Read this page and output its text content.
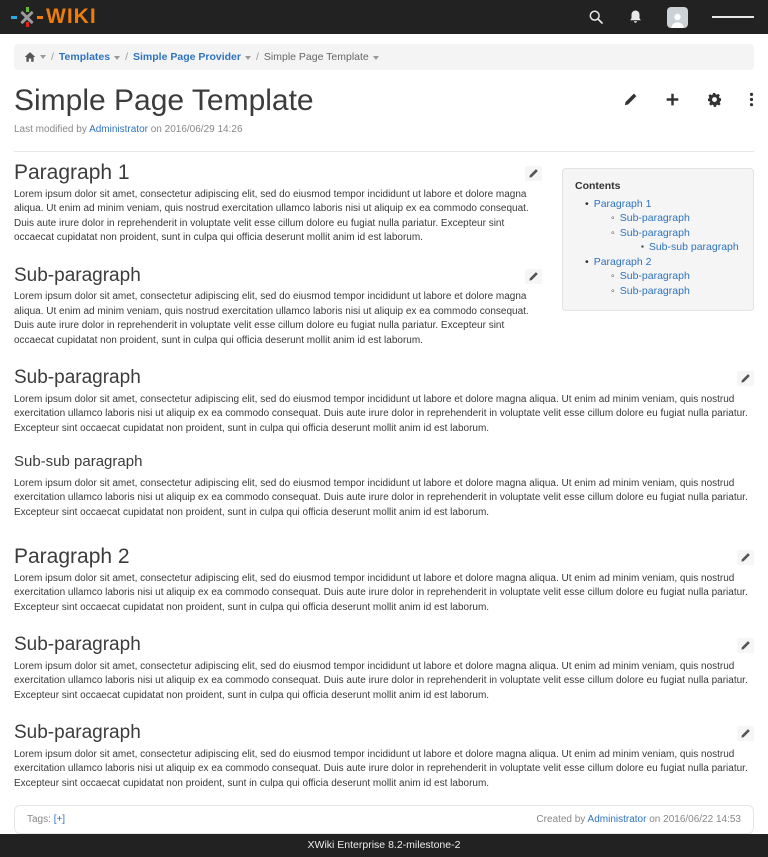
WIKI
/ Templates / Simple Page Provider / Simple Page Template
Simple Page Template
Last modified by Administrator on 2016/06/29 14:26
Contents
• Paragraph 1
◦ Sub-paragraph
◦ Sub-paragraph
▪ Sub-sub paragraph
• Paragraph 2
◦ Sub-paragraph
◦ Sub-paragraph
Paragraph 1

Lorem ipsum dolor sit amet, consectetur adipiscing elit, sed do eiusmod tempor incididunt ut labore et dolore magna aliqua. Ut enim ad minim veniam, quis nostrud exercitation ullamco laboris nisi ut aliquip ex ea commodo consequat. Duis aute irure dolor in reprehenderit in voluptate velit esse cillum dolore eu fugiat nulla pariatur. Excepteur sint occaecat cupidatat non proident, sunt in culpa qui officia deserunt mollit anim id est laborum.

Sub-paragraph

Lorem ipsum dolor sit amet, consectetur adipiscing elit, sed do eiusmod tempor incididunt ut labore et dolore magna aliqua. Ut enim ad minim veniam, quis nostrud exercitation ullamco laboris nisi ut aliquip ex ea commodo consequat. Duis aute irure dolor in reprehenderit in voluptate velit esse cillum dolore eu fugiat nulla pariatur. Excepteur sint occaecat cupidatat non proident, sunt in culpa qui officia deserunt mollit anim id est laborum.

Sub-paragraph

Lorem ipsum dolor sit amet, consectetur adipiscing elit, sed do eiusmod tempor incididunt ut labore et dolore magna aliqua. Ut enim ad minim veniam, quis nostrud exercitation ullamco laboris nisi ut aliquip ex ea commodo consequat. Duis aute irure dolor in reprehenderit in voluptate velit esse cillum dolore eu fugiat nulla pariatur. Excepteur sint occaecat cupidatat non proident, sunt in culpa qui officia deserunt mollit anim id est laborum.

Sub-sub paragraph

Lorem ipsum dolor sit amet, consectetur adipiscing elit, sed do eiusmod tempor incididunt ut labore et dolore magna aliqua. Ut enim ad minim veniam, quis nostrud exercitation ullamco laboris nisi ut aliquip ex ea commodo consequat. Duis aute irure dolor in reprehenderit in voluptate velit esse cillum dolore eu fugiat nulla pariatur. Excepteur sint occaecat cupidatat non proident, sunt in culpa qui officia deserunt mollit anim id est laborum.

Paragraph 2

Lorem ipsum dolor sit amet, consectetur adipiscing elit, sed do eiusmod tempor incididunt ut labore et dolore magna aliqua. Ut enim ad minim veniam, quis nostrud exercitation ullamco laboris nisi ut aliquip ex ea commodo consequat. Duis aute irure dolor in reprehenderit in voluptate velit esse cillum dolore eu fugiat nulla pariatur. Excepteur sint occaecat cupidatat non proident, sunt in culpa qui officia deserunt mollit anim id est laborum.

Sub-paragraph

Lorem ipsum dolor sit amet, consectetur adipiscing elit, sed do eiusmod tempor incididunt ut labore et dolore magna aliqua. Ut enim ad minim veniam, quis nostrud exercitation ullamco laboris nisi ut aliquip ex ea commodo consequat. Duis aute irure dolor in reprehenderit in voluptate velit esse cillum dolore eu fugiat nulla pariatur. Excepteur sint occaecat cupidatat non proident, sunt in culpa qui officia deserunt mollit anim id est laborum.

Sub-paragraph

Lorem ipsum dolor sit amet, consectetur adipiscing elit, sed do eiusmod tempor incididunt ut labore et dolore magna aliqua. Ut enim ad minim veniam, quis nostrud exercitation ullamco laboris nisi ut aliquip ex ea commodo consequat. Duis aute irure dolor in reprehenderit in voluptate velit esse cillum dolore eu fugiat nulla pariatur. Excepteur sint occaecat cupidatat non proident, sunt in culpa qui officia deserunt mollit anim id est laborum.

Tags: [+]	Created by Administrator on 2016/06/22 14:53
XWiki Enterprise 8.2-milestone-2
